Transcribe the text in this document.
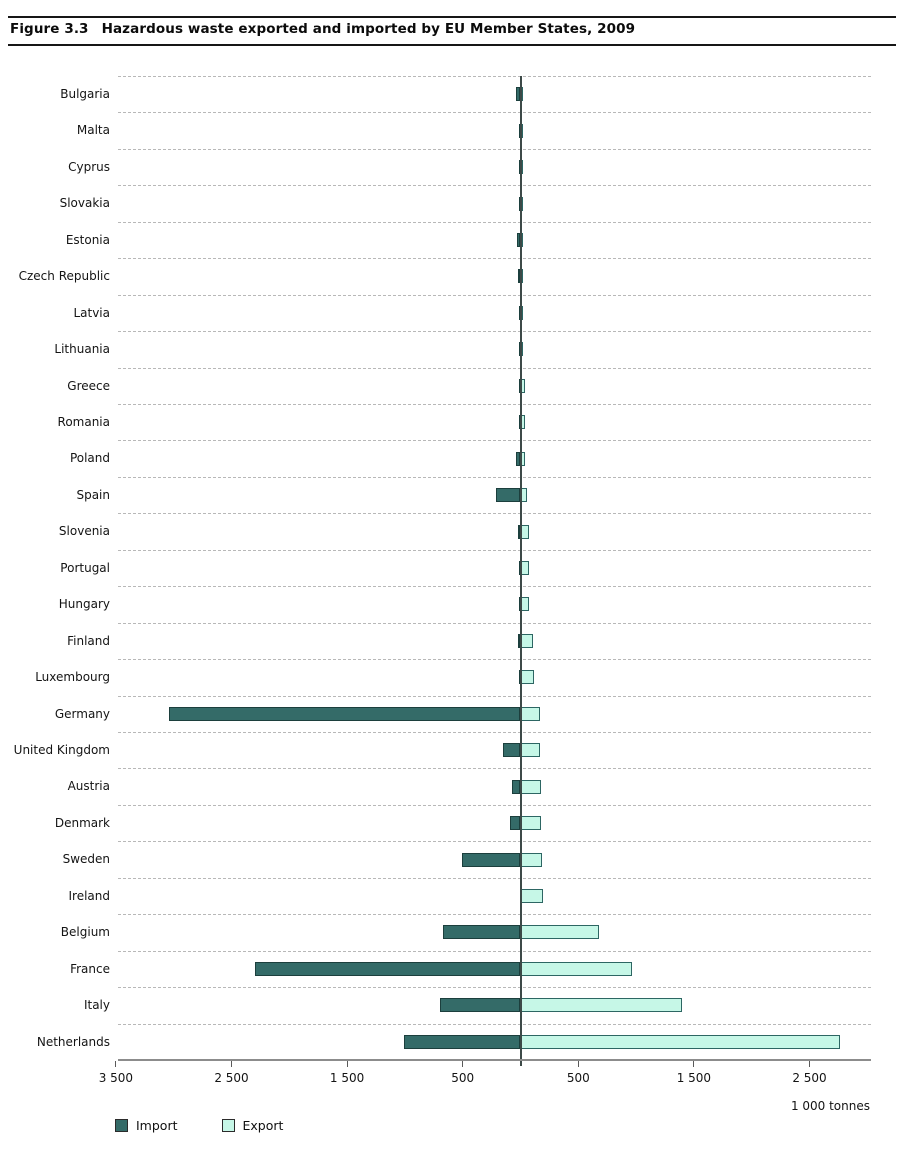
Figure 3.3 Hazardous waste exported and imported by EU Member States, 2009
Bulgaria
Malta
Cyprus
Slovakia
Estonia
Czech Republic
Latvia
Lithuania
Greece
Romania
Poland
Spain
Slovenia
Portugal
Hungary
Finland
Luxembourg
Germany
United Kingdom
Austria
Denmark
Sweden
Ireland
Belgium
France
Italy
Netherlands
3 500	2 500	1 500	500	500	1 500	2 500
1 000 tonnes
Import	Export
